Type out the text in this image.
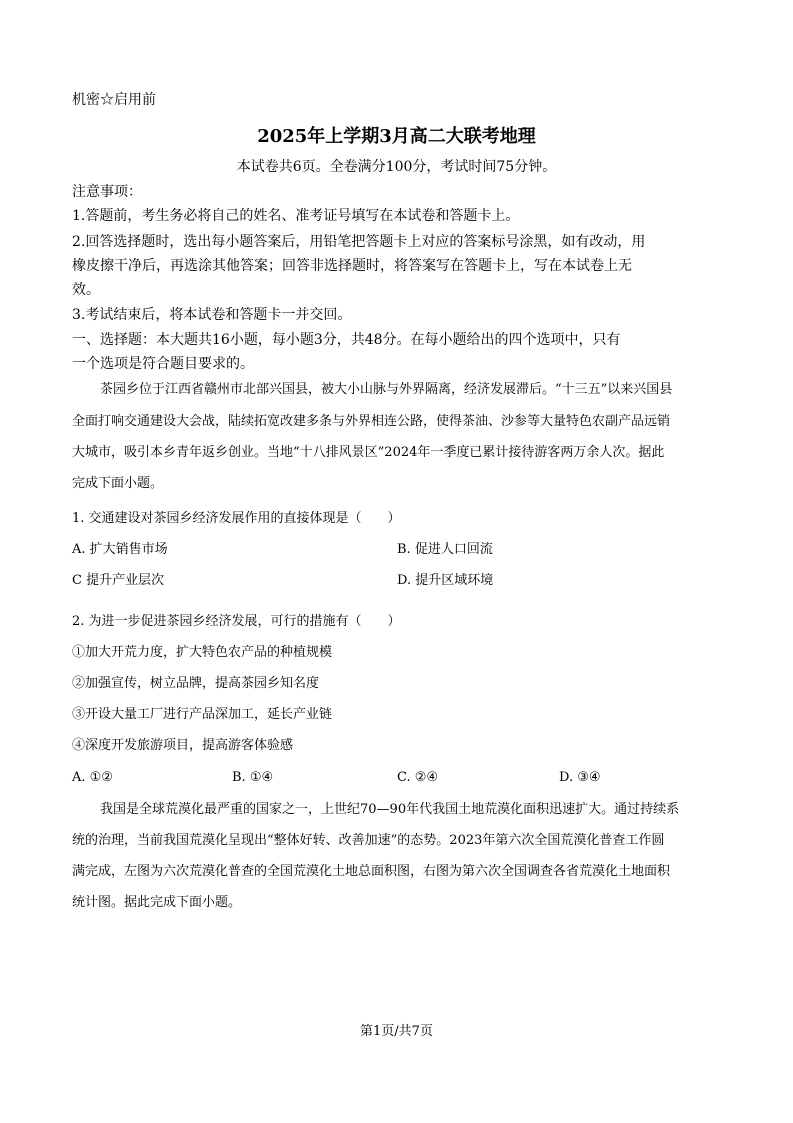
机密☆启用前
2025年上学期3月高二大联考地理
本试卷共6页。全卷满分100分，考试时间75分钟。
注意事项：
1.答题前，考生务必将自己的姓名、准考证号填写在本试卷和答题卡上。
2.回答选择题时，选出每小题答案后，用铅笔把答题卡上对应的答案标号涂黑，如有改动，用
橡皮擦干净后，再选涂其他答案；回答非选择题时，将答案写在答题卡上，写在本试卷上无
效。
3.考试结束后，将本试卷和答题卡一并交回。
一、选择题：本大题共16小题，每小题3分，共48分。在每小题给出的四个选项中，只有
一个选项是符合题目要求的。
茶园乡位于江西省赣州市北部兴国县，被大小山脉与外界隔离，经济发展滞后。“十三五”以来兴国县
全面打响交通建设大会战，陆续拓宽改建多条与外界相连公路，使得茶油、沙参等大量特色农副产品远销
大城市，吸引本乡青年返乡创业。当地“十八排风景区”2024年一季度已累计接待游客两万余人次。据此
完成下面小题。
1. 交通建设对茶园乡经济发展作用的直接体现是（　　）
A. 扩大销售市场	B. 促进人口回流
C 提升产业层次	D. 提升区域环境
2. 为进一步促进茶园乡经济发展，可行的措施有（　　）
①加大开荒力度，扩大特色农产品的种植规模
②加强宣传，树立品牌，提高茶园乡知名度
③开设大量工厂进行产品深加工，延长产业链
④深度开发旅游项目，提高游客体验感
A. ①②	B. ①④	C. ②④	D. ③④
我国是全球荒漠化最严重的国家之一，上世纪70—90年代我国土地荒漠化面积迅速扩大。通过持续系
统的治理，当前我国荒漠化呈现出“整体好转、改善加速”的态势。2023年第六次全国荒漠化普查工作圆
满完成，左图为六次荒漠化普查的全国荒漠化土地总面积图，右图为第六次全国调查各省荒漠化土地面积
统计图。据此完成下面小题。
第1页/共7页
